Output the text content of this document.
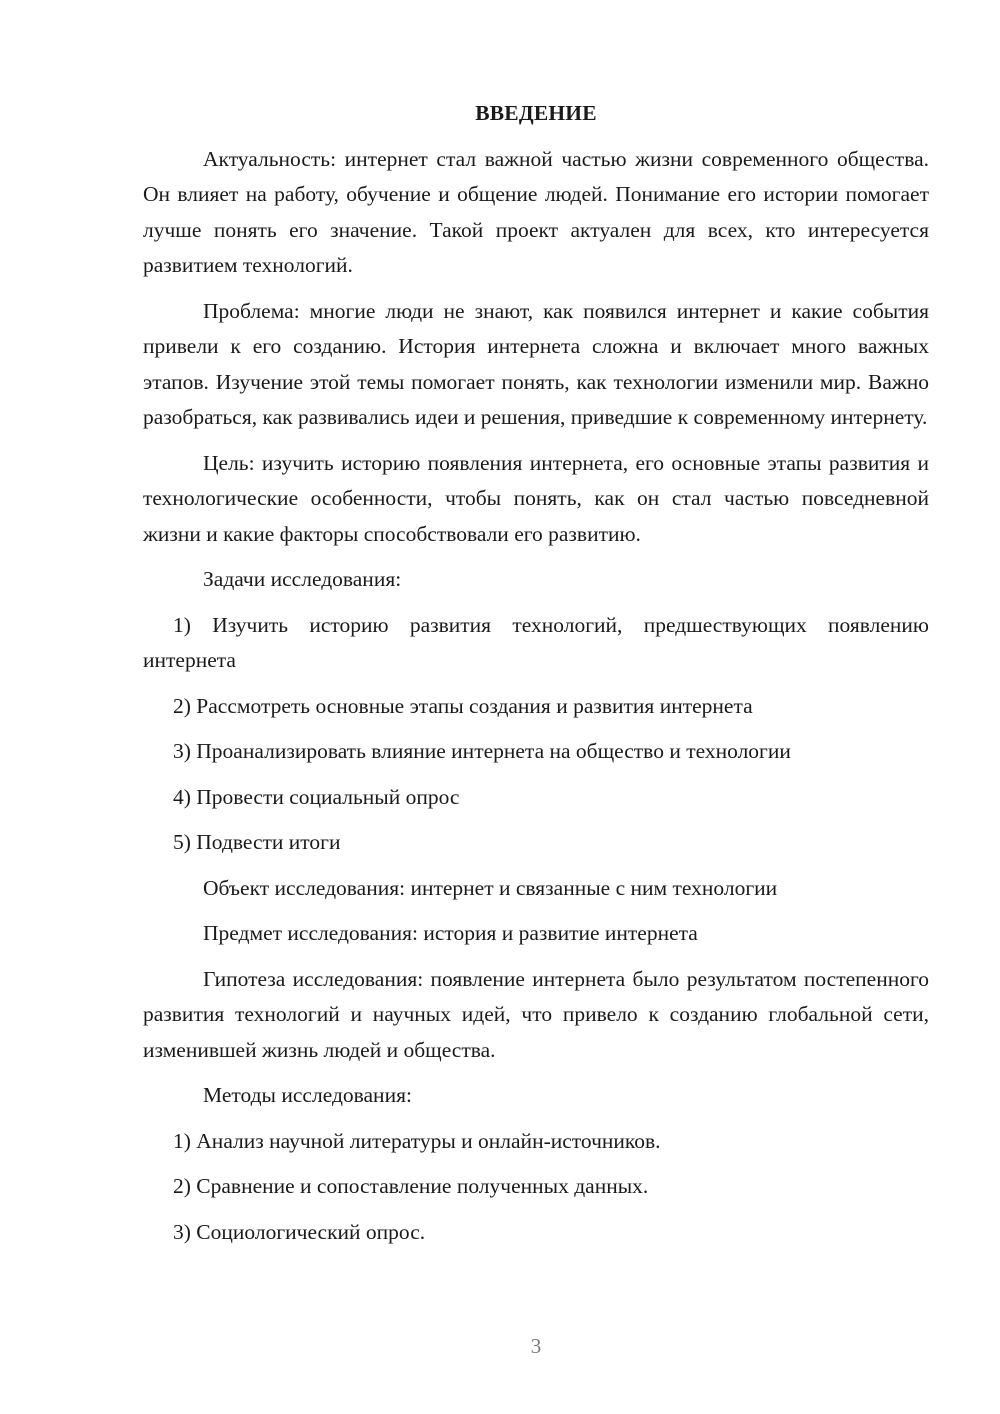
ВВЕДЕНИЕ

Актуальность: интернет стал важной частью жизни современного общества. Он влияет на работу, обучение и общение людей. Понимание его истории помогает лучше понять его значение. Такой проект актуален для всех, кто интересуется развитием технологий.

Проблема: многие люди не знают, как появился интернет и какие события привели к его созданию. История интернета сложна и включает много важных этапов. Изучение этой темы помогает понять, как технологии изменили мир. Важно разобраться, как развивались идеи и решения, приведшие к современному интернету.

Цель: изучить историю появления интернета, его основные этапы развития и технологические особенности, чтобы понять, как он стал частью повседневной жизни и какие факторы способствовали его развитию.

Задачи исследования:

1) Изучить историю развития технологий, предшествующих появлению интернета

2) Рассмотреть основные этапы создания и развития интернета

3) Проанализировать влияние интернета на общество и технологии

4) Провести социальный опрос

5) Подвести итоги

Объект исследования: интернет и связанные с ним технологии

Предмет исследования: история и развитие интернета

Гипотеза исследования: появление интернета было результатом постепенного развития технологий и научных идей, что привело к созданию глобальной сети, изменившей жизнь людей и общества.

Методы исследования:

1) Анализ научной литературы и онлайн-источников.

2) Сравнение и сопоставление полученных данных.

3) Социологический опрос.

3
